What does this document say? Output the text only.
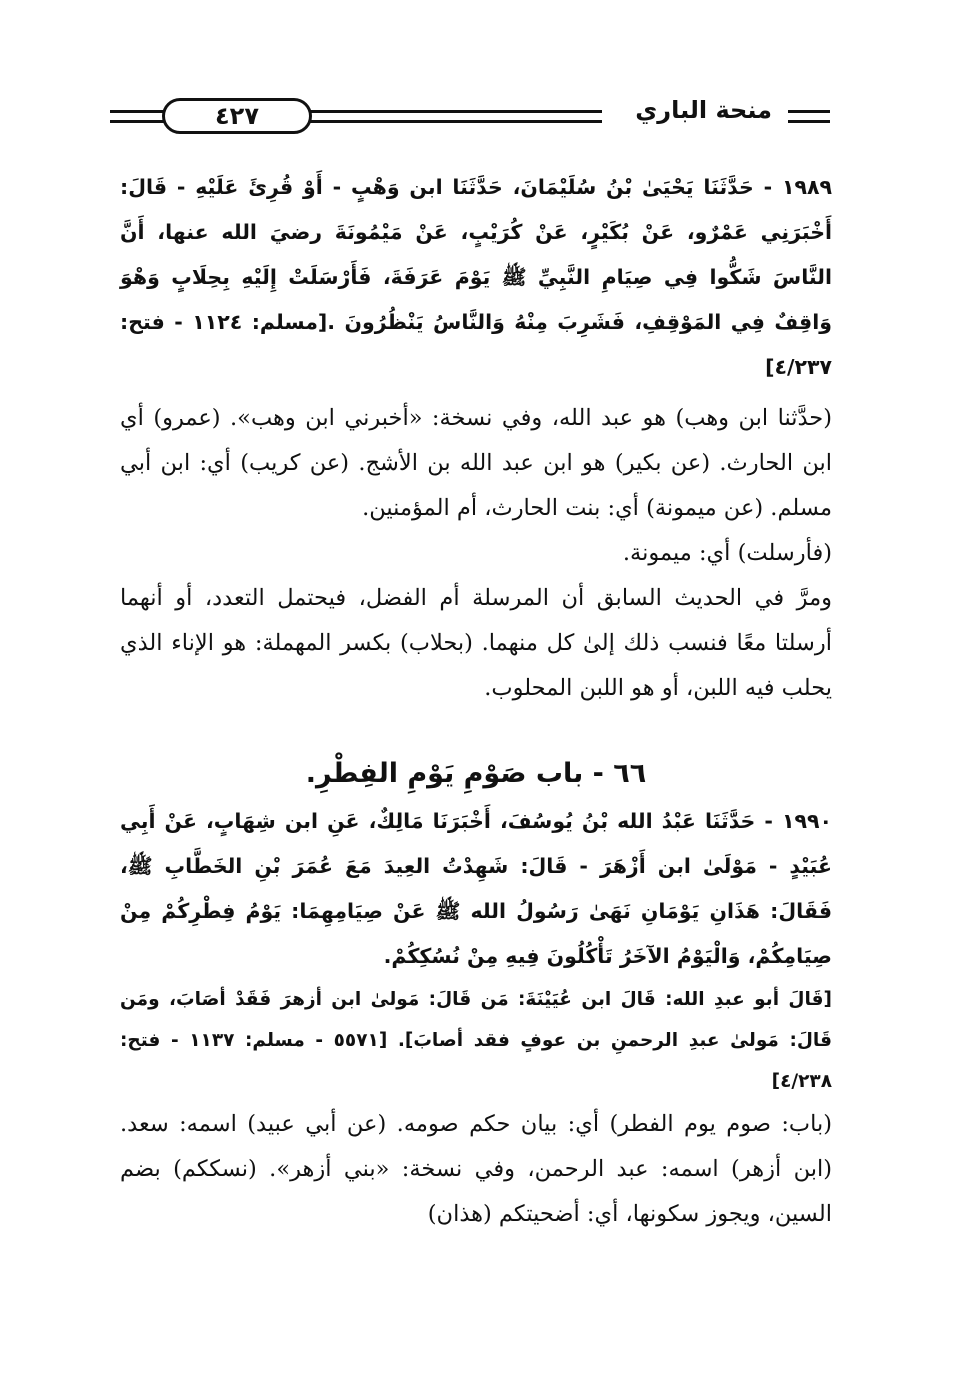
٤٢٧	منحة الباري

١٩٨٩ - حَدَّثَنَا يَحْيَىٰ بْنُ سُلَيْمَانَ، حَدَّثَنَا ابن وَهْبٍ - أَوْ قُرِئَ عَلَيْهِ - قَالَ: أَخْبَرَنِي عَمْرٌو، عَنْ بُكَيْرٍ، عَنْ كُرَيْبٍ، عَنْ مَيْمُونَةَ رضيَ الله عنها، أَنَّ النَّاسَ شَكُّوا فِي صِيَامِ النَّبِيِّ ﷺ يَوْمَ عَرَفَةَ، فَأَرْسَلَتْ إِلَيْهِ بِحِلَابٍ وَهْوَ وَاقِفٌ فِي المَوْقِفِ، فَشَرِبَ مِنْهُ وَالنَّاسُ يَنْظُرُونَ .[مسلم: ١١٢٤ - فتح: ٤/٢٣٧]

(حدَّثنا ابن وهب) هو عبد الله، وفي نسخة: «أخبرني ابن وهب». (عمرو) أي ابن الحارث. (عن بكير) هو ابن عبد الله بن الأشج. (عن كريب) أي: ابن أبي مسلم. (عن ميمونة) أي: بنت الحارث، أم المؤمنين.

(فأرسلت) أي: ميمونة.

ومرَّ في الحديث السابق أن المرسلة أم الفضل، فيحتمل التعدد، أو أنهما أرسلتا معًا فنسب ذلك إلىٰ كل منهما. (بحلاب) بكسر المهملة: هو الإناء الذي يحلب فيه اللبن، أو هو اللبن المحلوب.

٦٦ - باب صَوْمِ يَوْمِ الفِطْرِ.

١٩٩٠ - حَدَّثَنَا عَبْدُ الله بْنُ يُوسُفَ، أَخْبَرَنَا مَالِكٌ، عَنِ ابن شِهَابٍ، عَنْ أَبِي عُبَيْدٍ - مَوْلَىٰ ابن أَزْهَرَ - قَالَ: شَهِدْتُ العِيدَ مَعَ عُمَرَ بْنِ الخَطَّابِ ﷺ، فَقَالَ: هَذَانِ يَوْمَانِ نَهَىٰ رَسُولُ الله ﷺ عَنْ صِيَامِهِمَا: يَوْمُ فِطْرِكُمْ مِنْ صِيَامِكُمْ، وَالْيَوْمُ الآخَرُ تَأْكُلُونَ فِيهِ مِنْ نُسُكِكُمْ.

[قَالَ أبو عبدِ الله: قَالَ ابن عُيَيْنَةَ: مَن قَالَ: مَولىٰ ابن أزهرَ فَقَدْ أصَابَ، ومَن قَالَ: مَولىٰ عبدِ الرحمنِ بن عوفٍ فقد أصابَ]. [٥٥٧١ - مسلم: ١١٣٧ - فتح: ٤/٢٣٨]

(باب: صوم يوم الفطر) أي: بيان حكم صومه. (عن أبي عبيد) اسمه: سعد. (ابن أزهر) اسمه: عبد الرحمن، وفي نسخة: «بني أزهر». (نسككم) بضم السين، ويجوز سكونها، أي: أضحيتكم (هذان)
